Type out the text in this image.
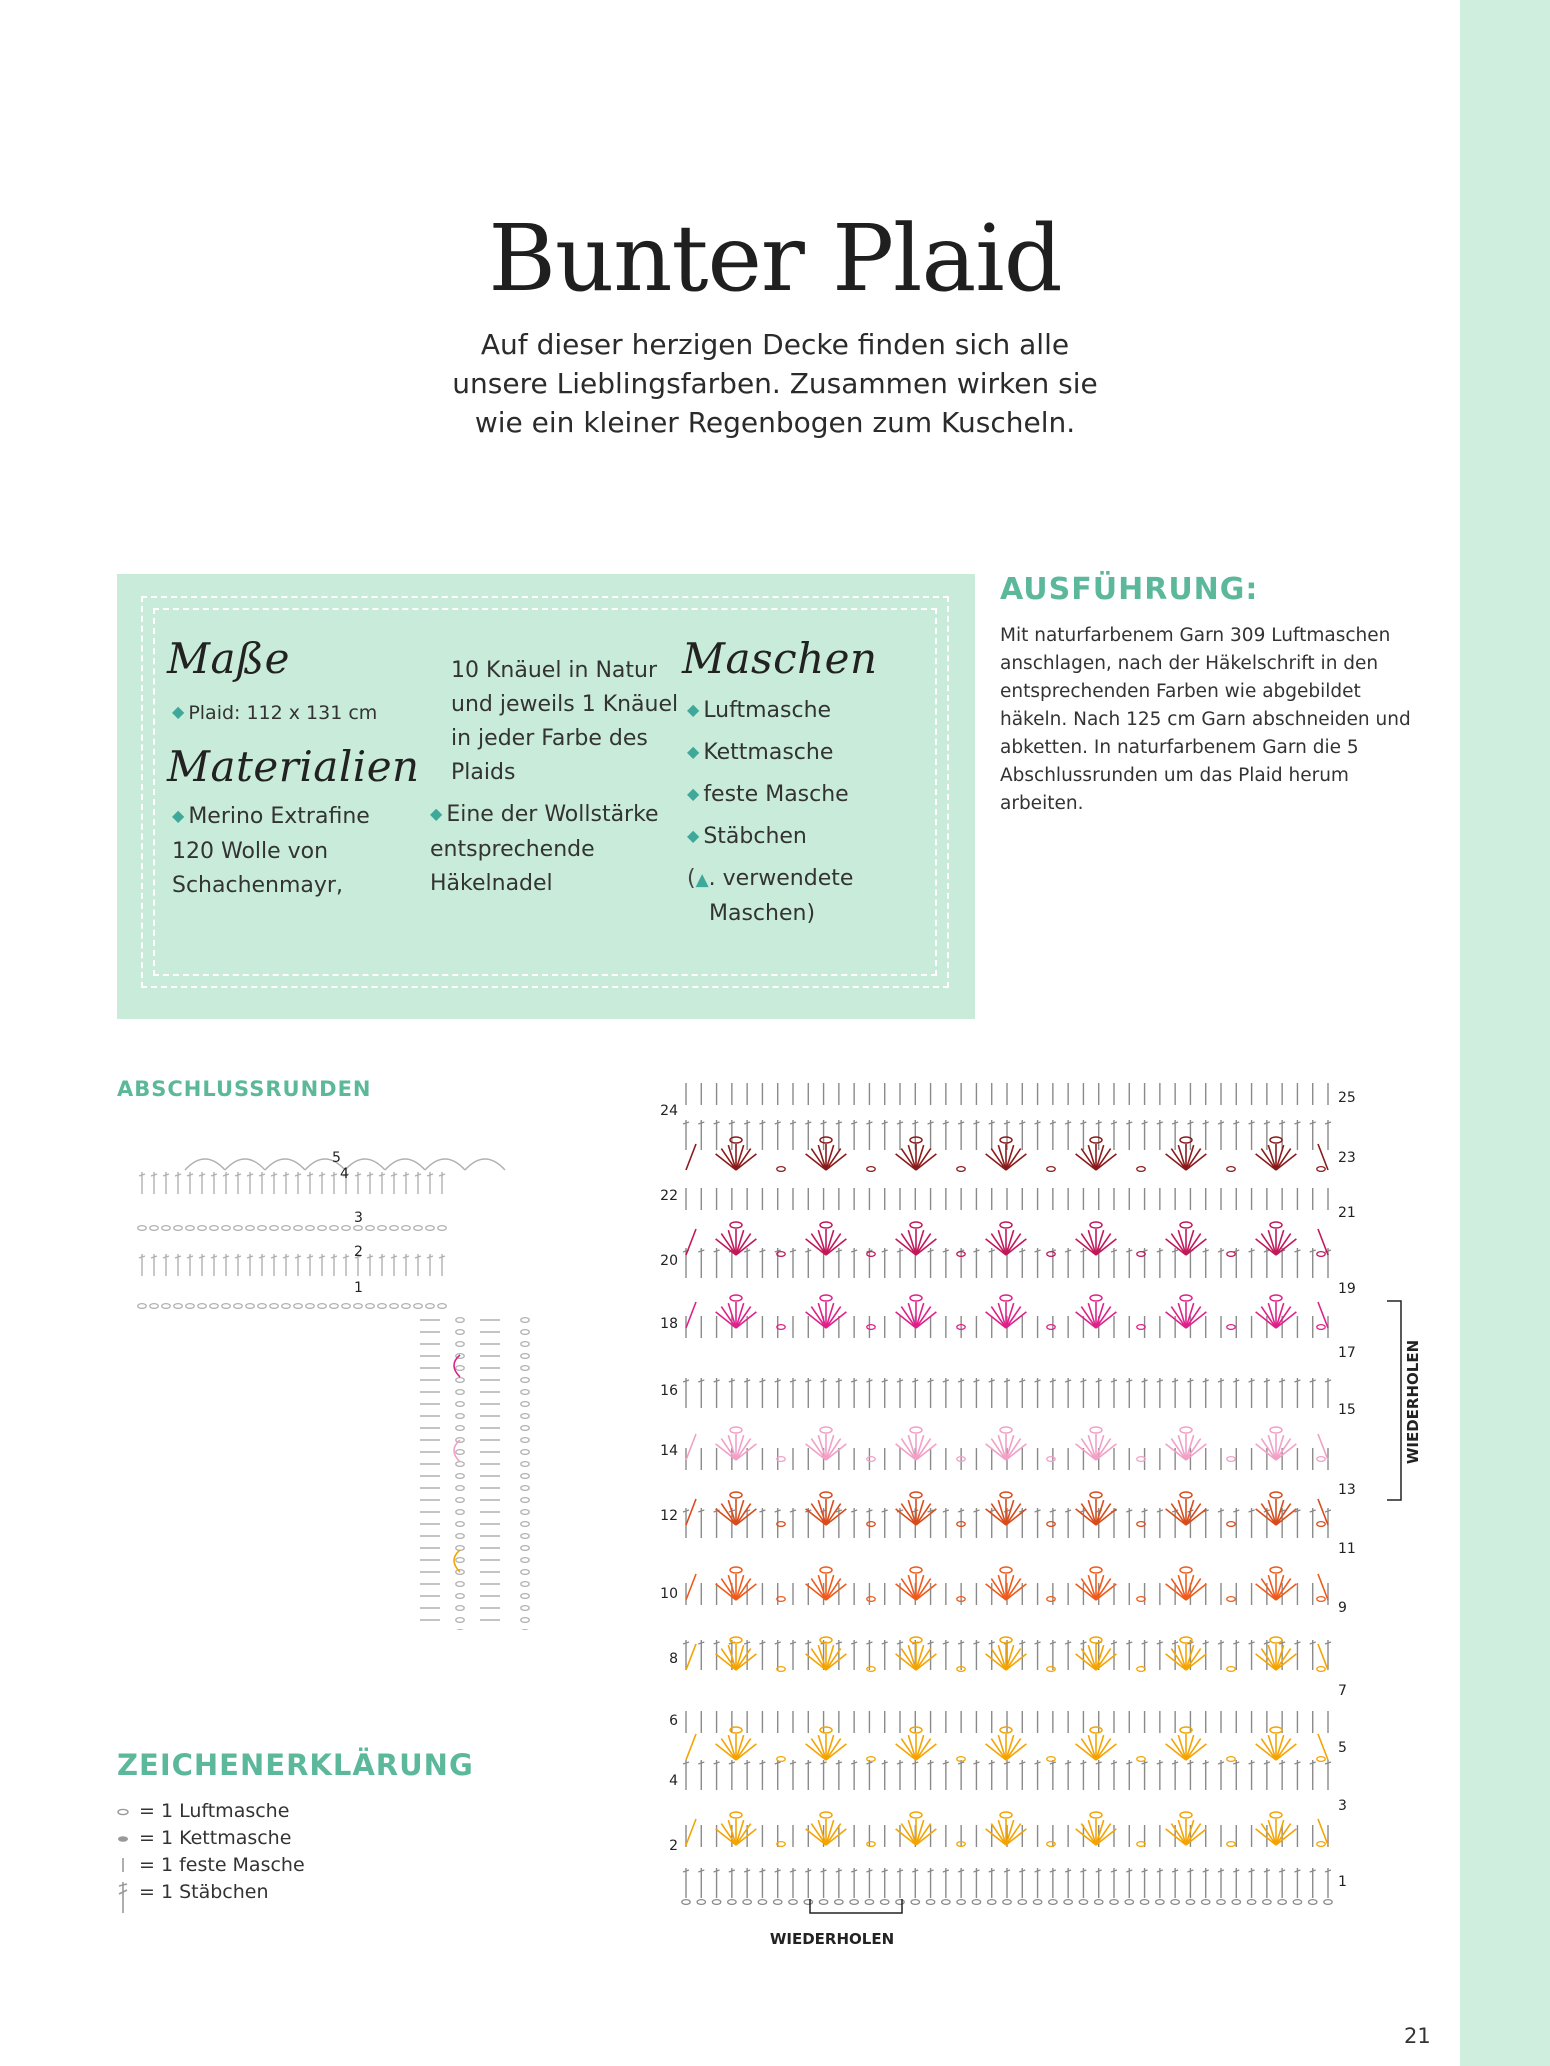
Bunter Plaid
Auf dieser herzigen Decke finden sich alle unsere Lieblingsfarben. Zusammen wirken sie wie ein kleiner Regenbogen zum Kuscheln.
Maße
◆ Plaid: 112 x 131 cm
Materialien
◆ Merino Extrafine 120 Wolle von Schachenmayr,
10 Knäuel in Natur und jeweils 1 Knäuel in jeder Farbe des Plaids
◆ Eine der Wollstärke entsprechende Häkelnadel
Maschen
◆ Luftmasche
◆ Kettmasche
◆ feste Masche
◆ Stäbchen
(▲. verwendete Maschen)
AUSFÜHRUNG:
Mit naturfarbenem Garn 309 Luftmaschen anschlagen, nach der Häkelschrift in den entsprechenden Farben wie abgebildet häkeln. Nach 125 cm Garn abschneiden und abketten. In naturfarbenem Garn die 5 Abschlussrunden um das Plaid herum arbeiten.
ABSCHLUSSRUNDEN
5
4
3
2
1
24
22
20
18
16
14
12
10
8
6
4
2
25
23
21
19
17
15
13
11
9
7
5
3
1
WIEDERHOLEN
WIEDERHOLEN
ZEICHENERKLÄRUNG
= 1 Luftmasche
= 1 Kettmasche
= 1 feste Masche
= 1 Stäbchen
21
